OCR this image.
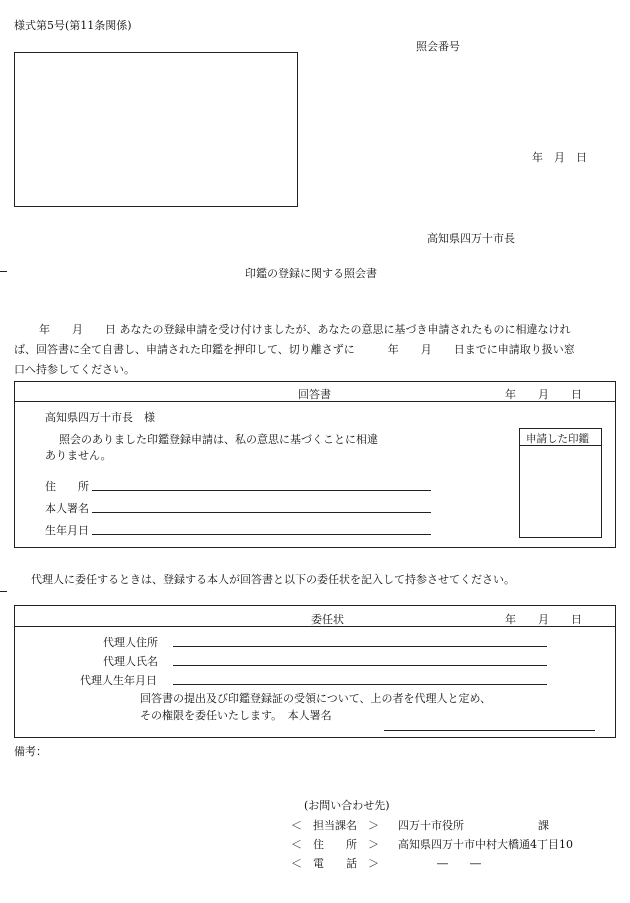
様式第5号(第11条関係)
照会番号
年　月　日
高知県四万十市長
印鑑の登録に関する照会書
年　　月　　日 あなたの登録申請を受け付けましたが、あなたの意思に基づき申請されたものに相違なけれ
ば、回答書に全て自書し、申請された印鑑を押印して、切り離さずに　　　年　　月　　日までに申請取り扱い窓
口へ持参してください。
回答書	年　　月　　日
高知県四万十市長　様
照会のありました印鑑登録申請は、私の意思に基づくことに相違
ありません。
住　　所
本人署名
生年月日
申請した印鑑
代理人に委任するときは、登録する本人が回答書と以下の委任状を記入して持参させてください。
委任状	年　　月　　日
代理人住所
代理人氏名
代理人生年月日
回答書の提出及び印鑑登録証の受領について、上の者を代理人と定め、
その権限を委任いたします。　本人署名
備考：
(お問い合わせ先)
＜　担当課名　＞ 四万十市役所	課
＜　住　　所　＞ 高知県四万十市中村大橋通4丁目10
＜　電　　話　＞	―　　―
